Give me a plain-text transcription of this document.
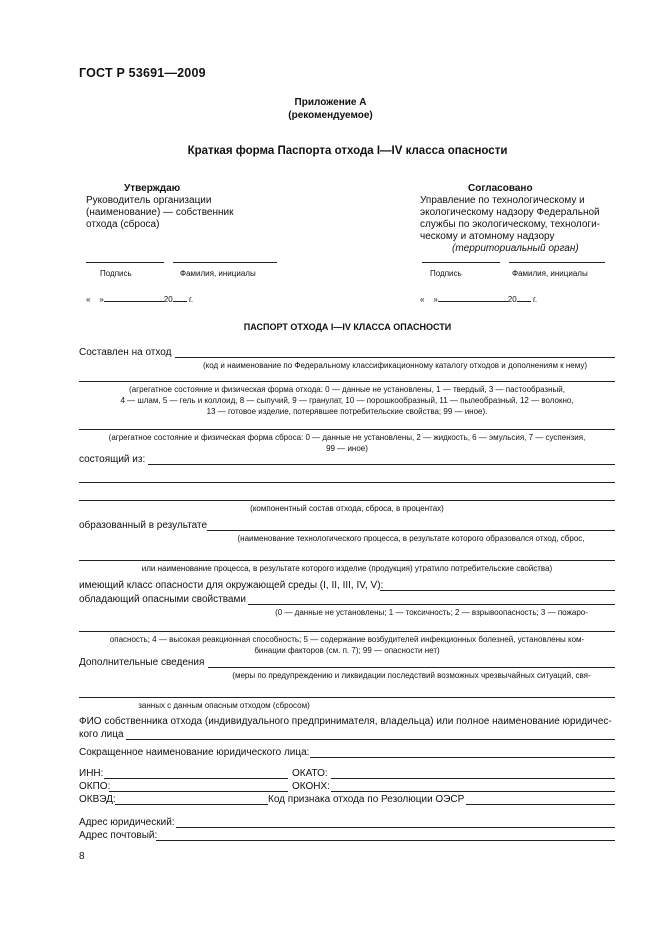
ГОСТ Р 53691—2009
Приложение А
(рекомендуемое)
Краткая форма Паспорта отхода I—IV класса опасности
Утверждаю
Руководитель организации
(наименование) — собственник
отхода (сброса)
Подпись	Фамилия, инициалы
« »	20 г.
Согласовано
Управление по технологическому и
экологическому надзору Федеральной
службы по экологическому, технологи-
ческому и атомному надзору
(территориальный орган)
Подпись	Фамилия, инициалы
« »	20 г.
ПАСПОРТ ОТХОДА I—IV КЛАССА ОПАСНОСТИ
Составлен на отход
(код и наименование по Федеральному классификационному каталогу отходов и дополнениям к нему)
(агрегатное состояние и физическая форма отхода: 0 — данные не установлены, 1 — твердый, 3 — пастообразный,
4 — шлам, 5 — гель и коллоид, 8 — сыпучий, 9 — гранулат, 10 — порошкообразный, 11 — пылеобразный, 12 — волокно,
13 — готовое изделие, потерявшее потребительские свойства; 99 — иное).
(агрегатное состояние и физическая форма сброса: 0 — данные не установлены, 2 — жидкость, 6 — эмульсия, 7 — суспензия,
99 — иное)
состоящий из:
(компонентный состав отхода, сброса, в процентах)
образованный в результате
(наименование технологического процесса, в результате которого образовался отход, сброс,
или наименование процесса, в результате которого изделие (продукция) утратило потребительские свойства)
имеющий класс опасности для окружающей среды (I, II, III, IV, V):
обладающий опасными свойствами
(0 — данные не установлены; 1 — токсичность; 2 — взрывоопасность; 3 — пожаро-
опасность; 4 — высокая реакционная способность; 5 — содержание возбудителей инфекционных болезней, установлены ком-
бинации факторов (см. п. 7); 99 — опасности нет)
Дополнительные сведения
(меры по предупреждению и ликвидации последствий возможных чрезвычайных ситуаций, свя-
занных с данным опасным отходом (сбросом)
ФИО собственника отхода (индивидуального предпринимателя, владельца) или полное наименование юридичес-
кого лица
Сокращенное наименование юридического лица:
ИНН:	ОКАТО:
ОКПО:	ОКОНХ:
ОКВЭД:	Код признака отхода по Резолюции ОЭСР
Адрес юридический:
Адрес почтовый:
8
